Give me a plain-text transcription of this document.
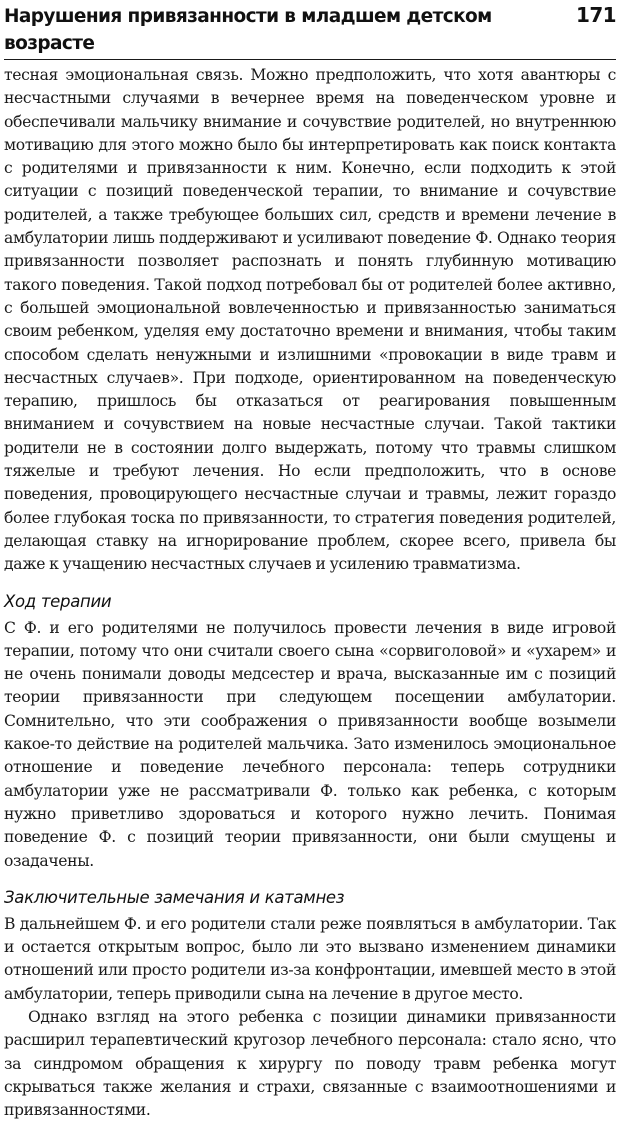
Нарушения привязанности в младшем детском возрасте
171

тесная эмоциональная связь. Можно предположить, что хотя авантюры с несчастными случаями в вечернее время на поведенческом уровне и обеспечивали мальчику внимание и сочувствие родителей, но внутреннюю мотивацию для этого можно было бы интерпретировать как поиск контакта с родителями и привязанности к ним. Конечно, если подходить к этой ситуации с позиций поведенческой терапии, то внимание и сочувствие родителей, а также требующее больших сил, средств и времени лечение в амбулатории лишь поддерживают и усиливают поведение Ф. Однако теория привязанности позволяет распознать и понять глубинную мотивацию такого поведения. Такой подход потребовал бы от родителей более активно, с большей эмоциональной вовлеченностью и привязанностью заниматься своим ребенком, уделяя ему достаточно времени и внимания, чтобы таким способом сделать ненужными и излишними «провокации в виде травм и несчастных случаев». При подходе, ориентированном на поведенческую терапию, пришлось бы отказаться от реагирования повышенным вниманием и сочувствием на новые несчастные случаи. Такой тактики родители не в состоянии долго выдержать, потому что травмы слишком тяжелые и требуют лечения. Но если предположить, что в основе поведения, провоцирующего несчастные случаи и травмы, лежит гораздо более глубокая тоска по привязанности, то стратегия поведения родителей, делающая ставку на игнорирование проблем, скорее всего, привела бы даже к учащению несчастных случаев и усилению травматизма.

Ход терапии

С Ф. и его родителями не получилось провести лечения в виде игровой терапии, потому что они считали своего сына «сорвиголовой» и «ухарем» и не очень понимали доводы медсестер и врача, высказанные им с позиций теории привязанности при следующем посещении амбулатории. Сомнительно, что эти соображения о привязанности вообще возымели какое-то действие на родителей мальчика. Зато изменилось эмоциональное отношение и поведение лечебного персонала: теперь сотрудники амбулатории уже не рассматривали Ф. только как ребенка, с которым нужно приветливо здороваться и которого нужно лечить. Понимая поведение Ф. с позиций теории привязанности, они были смущены и озадачены.

Заключительные замечания и катамнез

В дальнейшем Ф. и его родители стали реже появляться в амбулатории. Так и остается открытым вопрос, было ли это вызвано изменением динамики отношений или просто родители из-за конфронтации, имевшей место в этой амбулатории, теперь приводили сына на лечение в другое место.

Однако взгляд на этого ребенка с позиции динамики привязанности расширил терапевтический кругозор лечебного персонала: стало ясно, что за синдромом обращения к хирургу по поводу травм ребенка могут скрываться также желания и страхи, связанные с взаимоотношениями и привязанностями.
